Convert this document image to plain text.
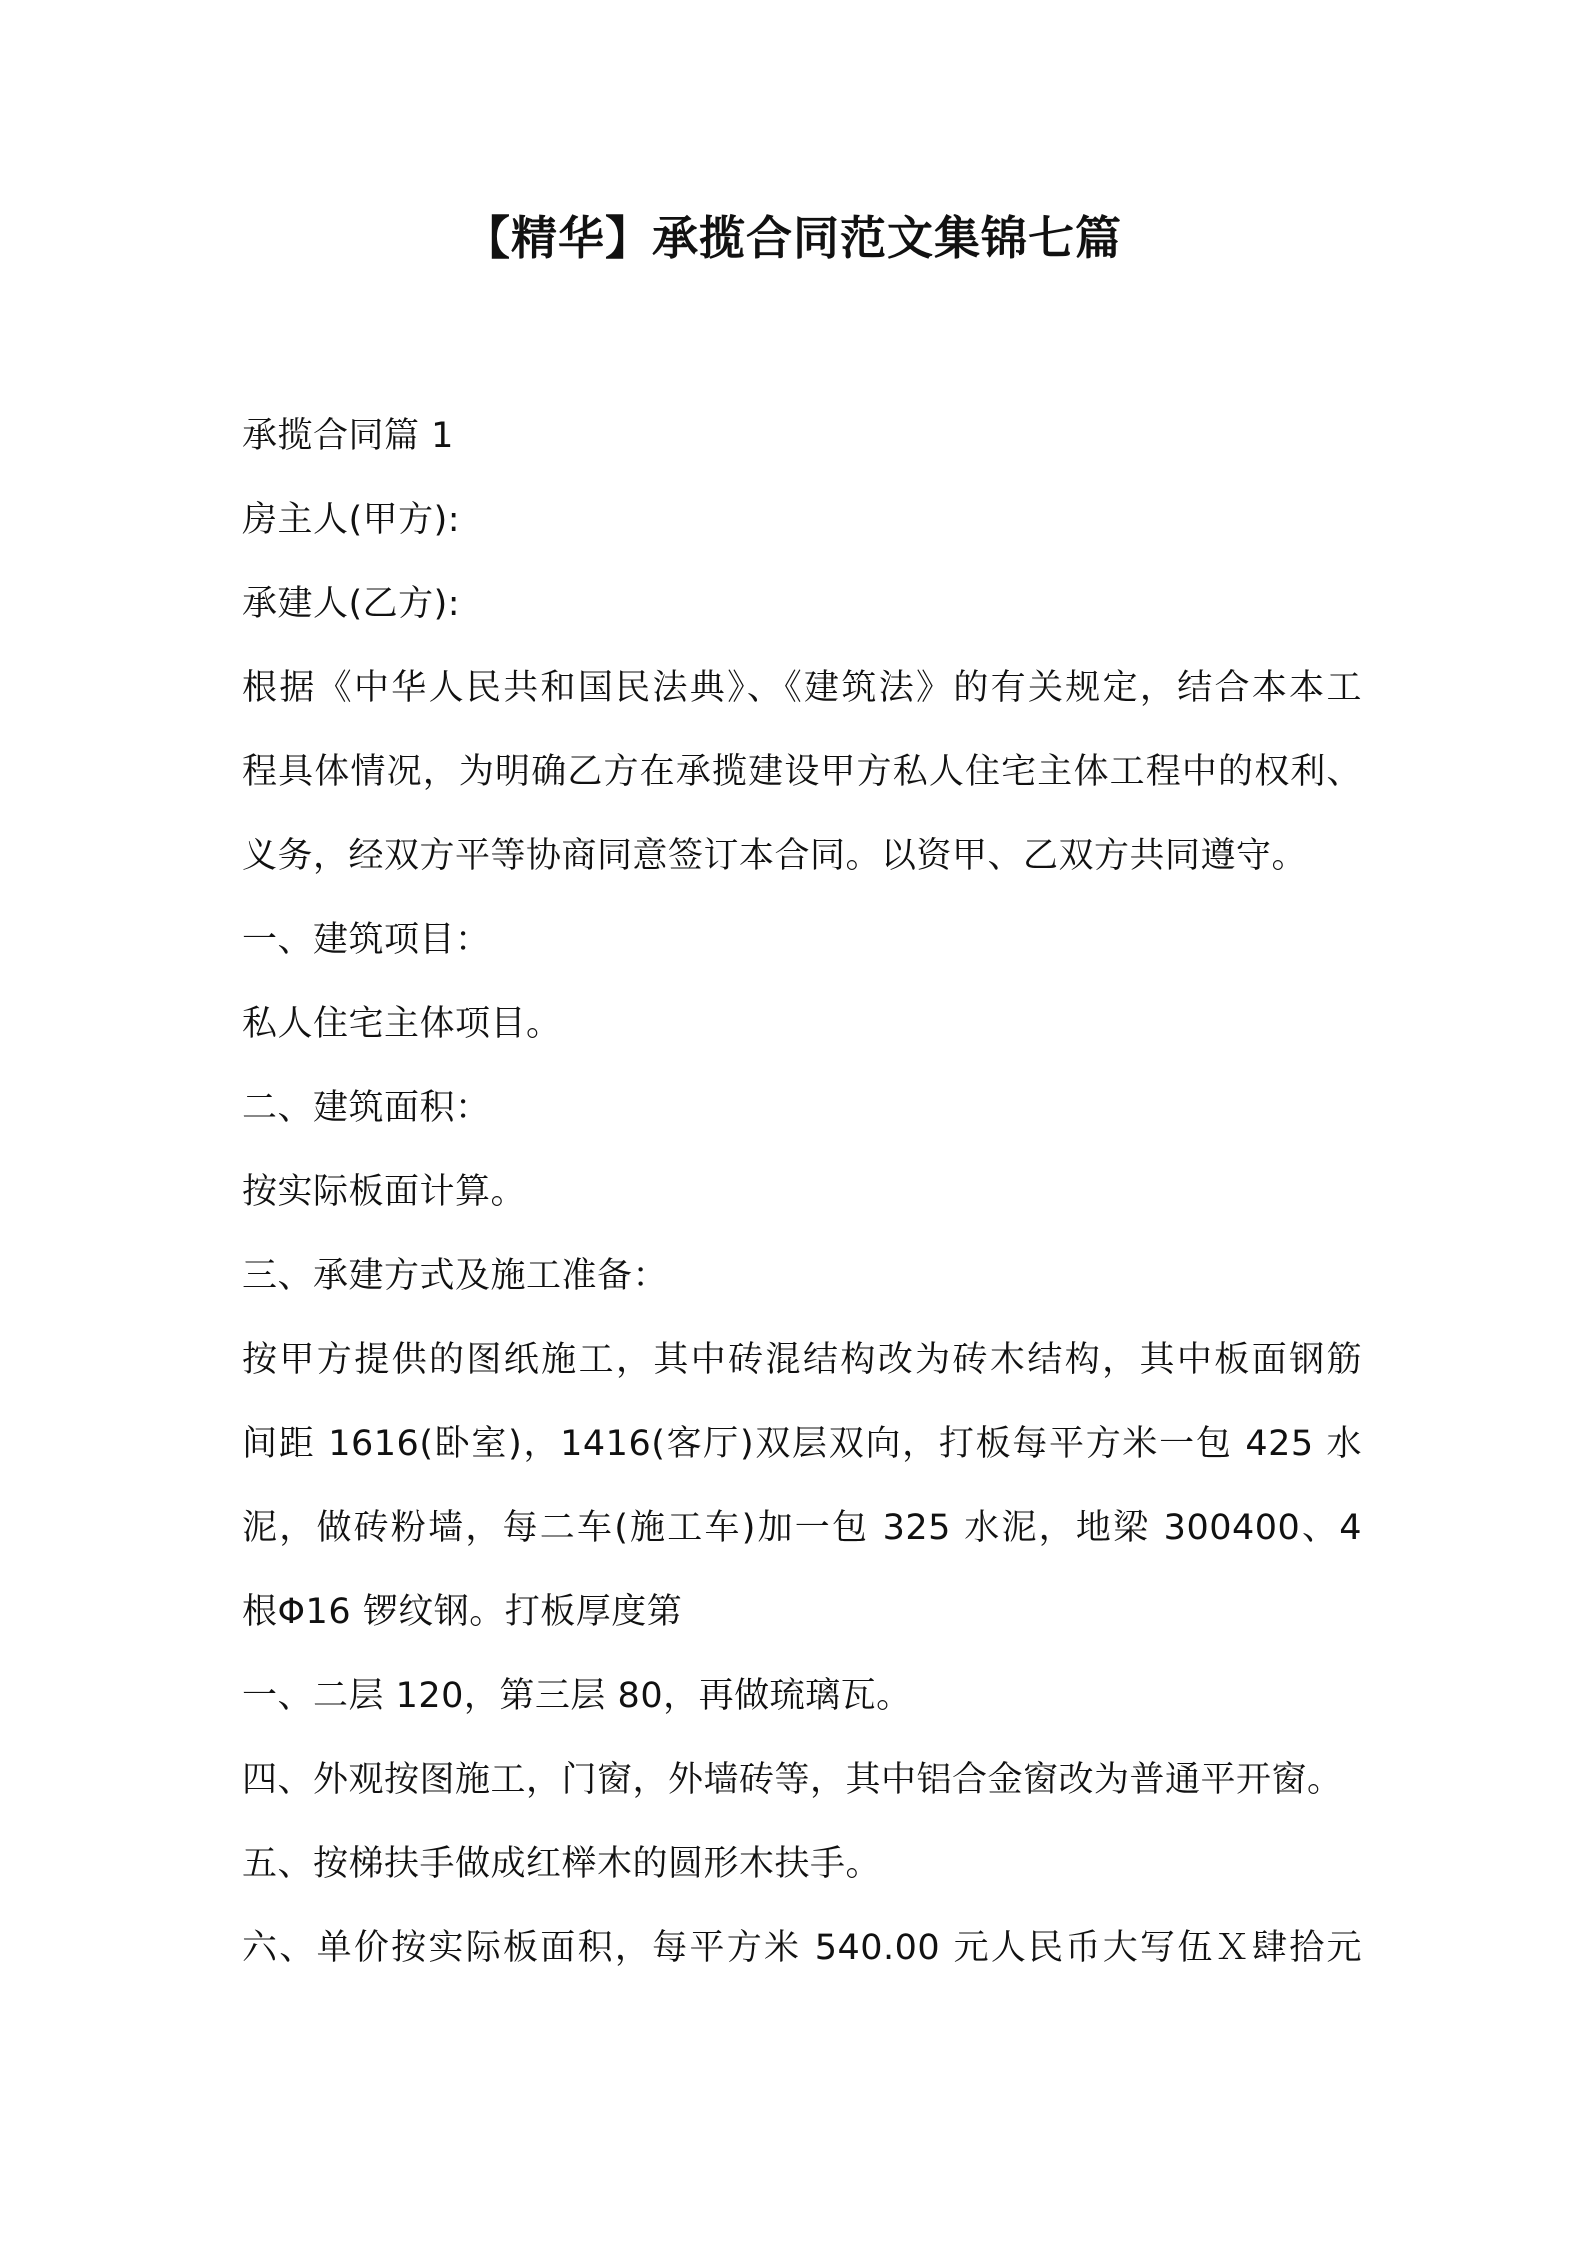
【精华】承揽合同范文集锦七篇
承揽合同篇 1
房主人(甲方):
承建人(乙方):
根据《中华人民共和国民法典》、《建筑法》的有关规定，结合本本工
程具体情况，为明确乙方在承揽建设甲方私人住宅主体工程中的权利、
义务，经双方平等协商同意签订本合同。以资甲、乙双方共同遵守。
一、建筑项目：
私人住宅主体项目。
二、建筑面积：
按实际板面计算。
三、承建方式及施工准备：
按甲方提供的图纸施工，其中砖混结构改为砖木结构，其中板面钢筋
间距 1616(卧室)，1416(客厅)双层双向，打板每平方米一包 425 水
泥，做砖粉墙，每二车(施工车)加一包 325 水泥，地梁 300400、4
根Φ16 锣纹钢。打板厚度第
一、二层 120，第三层 80，再做琉璃瓦。
四、外观按图施工，门窗，外墙砖等，其中铝合金窗改为普通平开窗。
五、按梯扶手做成红榉木的圆形木扶手。
六、单价按实际板面积，每平方米 540.00 元人民币大写伍Ｘ肆拾元
